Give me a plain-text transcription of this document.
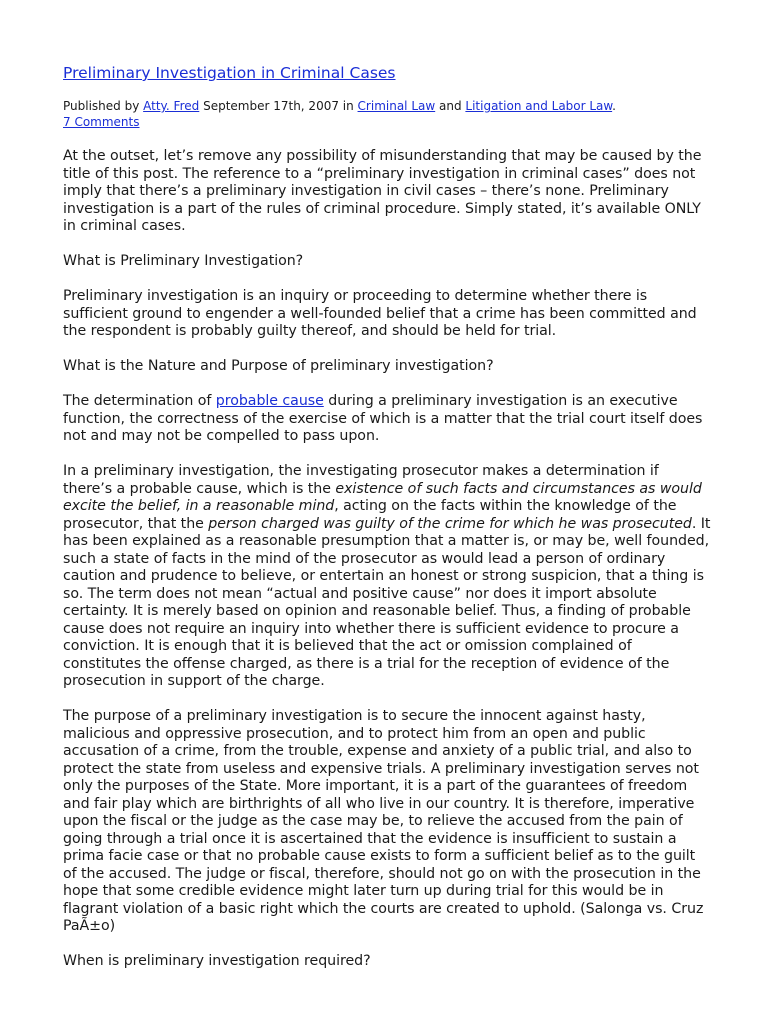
Preliminary Investigation in Criminal Cases
Published by Atty. Fred September 17th, 2007 in Criminal Law and Litigation and Labor Law.
7 Comments

At the outset, let’s remove any possibility of misunderstanding that may be caused by the title of this post. The reference to a “preliminary investigation in criminal cases” does not imply that there’s a preliminary investigation in civil cases – there’s none. Preliminary investigation is a part of the rules of criminal procedure. Simply stated, it’s available ONLY in criminal cases.

What is Preliminary Investigation?

Preliminary investigation is an inquiry or proceeding to determine whether there is sufficient ground to engender a well-founded belief that a crime has been committed and the respondent is probably guilty thereof, and should be held for trial.

What is the Nature and Purpose of preliminary investigation?

The determination of probable cause during a preliminary investigation is an executive function, the correctness of the exercise of which is a matter that the trial court itself does not and may not be compelled to pass upon.

In a preliminary investigation, the investigating prosecutor makes a determination if there’s a probable cause, which is the existence of such facts and circumstances as would excite the belief, in a reasonable mind, acting on the facts within the knowledge of the prosecutor, that the person charged was guilty of the crime for which he was prosecuted. It has been explained as a reasonable presumption that a matter is, or may be, well founded, such a state of facts in the mind of the prosecutor as would lead a person of ordinary caution and prudence to believe, or entertain an honest or strong suspicion, that a thing is so. The term does not mean “actual and positive cause” nor does it import absolute certainty. It is merely based on opinion and reasonable belief. Thus, a finding of probable cause does not require an inquiry into whether there is sufficient evidence to procure a conviction. It is enough that it is believed that the act or omission complained of constitutes the offense charged, as there is a trial for the reception of evidence of the prosecution in support of the charge.

The purpose of a preliminary investigation is to secure the innocent against hasty, malicious and oppressive prosecution, and to protect him from an open and public accusation of a crime, from the trouble, expense and anxiety of a public trial, and also to protect the state from useless and expensive trials. A preliminary investigation serves not only the purposes of the State. More important, it is a part of the guarantees of freedom and fair play which are birthrights of all who live in our country. It is therefore, imperative upon the fiscal or the judge as the case may be, to relieve the accused from the pain of going through a trial once it is ascertained that the evidence is insufficient to sustain a prima facie case or that no probable cause exists to form a sufficient belief as to the guilt of the accused. The judge or fiscal, therefore, should not go on with the prosecution in the hope that some credible evidence might later turn up during trial for this would be in flagrant violation of a basic right which the courts are created to uphold. (Salonga vs. Cruz PaÃ±o)

When is preliminary investigation required?
